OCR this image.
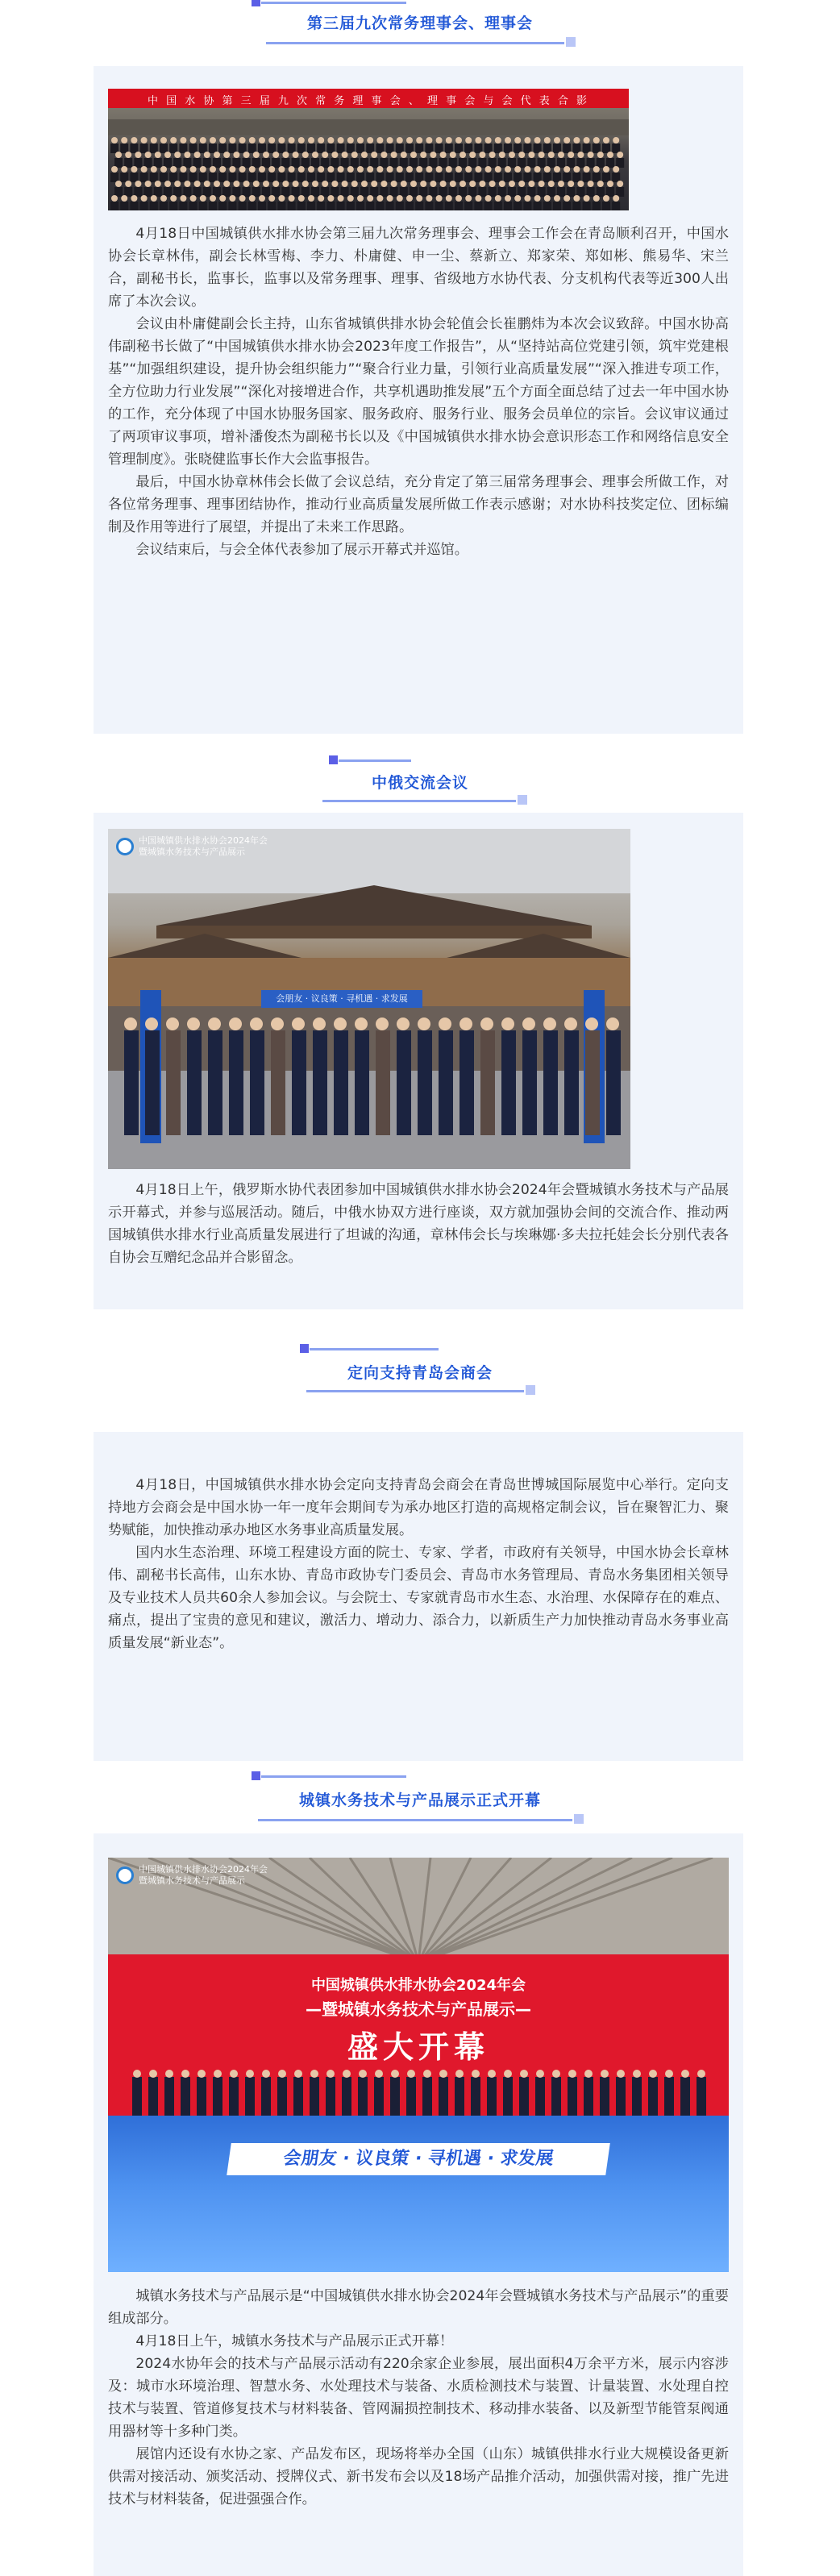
第三届九次常务理事会、理事会
中 国 水 协 第 三 届 九 次 常 务 理 事 会 、 理 事 会 与 会 代 表 合 影

4月18日中国城镇供水排水协会第三届九次常务理事会、理事会工作会在青岛顺利召开，中国水协会长章林伟，副会长林雪梅、李力、朴庸健、申一尘、蔡新立、郑家荣、郑如彬、熊易华、宋兰合，副秘书长，监事长，监事以及常务理事、理事、省级地方水协代表、分支机构代表等近300人出席了本次会议。

会议由朴庸健副会长主持，山东省城镇供排水协会轮值会长崔鹏炜为本次会议致辞。中国水协高伟副秘书长做了“中国城镇供水排水协会2023年度工作报告”，从“坚持站高位党建引领，筑牢党建根基”“加强组织建设，提升协会组织能力”“聚合行业力量，引领行业高质量发展”“深入推进专项工作，全方位助力行业发展”“深化对接增进合作，共享机遇助推发展”五个方面全面总结了过去一年中国水协的工作，充分体现了中国水协服务国家、服务政府、服务行业、服务会员单位的宗旨。会议审议通过了两项审议事项，增补潘俊杰为副秘书长以及《中国城镇供水排水协会意识形态工作和网络信息安全管理制度》。张晓健监事长作大会监事报告。

最后，中国水协章林伟会长做了会议总结，充分肯定了第三届常务理事会、理事会所做工作，对各位常务理事、理事团结协作，推动行业高质量发展所做工作表示感谢；对水协科技奖定位、团标编制及作用等进行了展望，并提出了未来工作思路。

会议结束后，与会全体代表参加了展示开幕式并巡馆。

中俄交流会议
中国城镇供水排水协会2024年会
暨城镇水务技术与产品展示
会朋友 · 议良策 · 寻机遇 · 求发展

4月18日上午，俄罗斯水协代表团参加中国城镇供水排水协会2024年会暨城镇水务技术与产品展示开幕式，并参与巡展活动。随后，中俄水协双方进行座谈，双方就加强协会间的交流合作、推动两国城镇供水排水行业高质量发展进行了坦诚的沟通，章林伟会长与埃琳娜·多夫拉托娃会长分别代表各自协会互赠纪念品并合影留念。

定向支持青岛会商会

4月18日，中国城镇供水排水协会定向支持青岛会商会在青岛世博城国际展览中心举行。定向支持地方会商会是中国水协一年一度年会期间专为承办地区打造的高规格定制会议，旨在聚智汇力、聚势赋能，加快推动承办地区水务事业高质量发展。

国内水生态治理、环境工程建设方面的院士、专家、学者，市政府有关领导，中国水协会长章林伟、副秘书长高伟，山东水协、青岛市政协专门委员会、青岛市水务管理局、青岛水务集团相关领导及专业技术人员共60余人参加会议。与会院士、专家就青岛市水生态、水治理、水保障存在的难点、痛点，提出了宝贵的意见和建议，激活力、增动力、添合力，以新质生产力加快推动青岛水务事业高质量发展“新业态”。

城镇水务技术与产品展示正式开幕
中国城镇供水排水协会2024年会
暨城镇水务技术与产品展示
中国城镇供水排水协会2024年会
—暨城镇水务技术与产品展示—
盛大开幕
会朋友 · 议良策 · 寻机遇 · 求发展

城镇水务技术与产品展示是“中国城镇供水排水协会2024年会暨城镇水务技术与产品展示”的重要组成部分。

4月18日上午，城镇水务技术与产品展示正式开幕！

2024水协年会的技术与产品展示活动有220余家企业参展，展出面积4万余平方米，展示内容涉及：城市水环境治理、智慧水务、水处理技术与装备、水质检测技术与装置、计量装置、水处理自控技术与装置、管道修复技术与材料装备、管网漏损控制技术、移动排水装备、以及新型节能管泵阀通用器材等十多种门类。

展馆内还设有水协之家、产品发布区，现场将举办全国（山东）城镇供排水行业大规模设备更新供需对接活动、颁奖活动、授牌仪式、新书发布会以及18场产品推介活动，加强供需对接，推广先进技术与材料装备，促进强强合作。
